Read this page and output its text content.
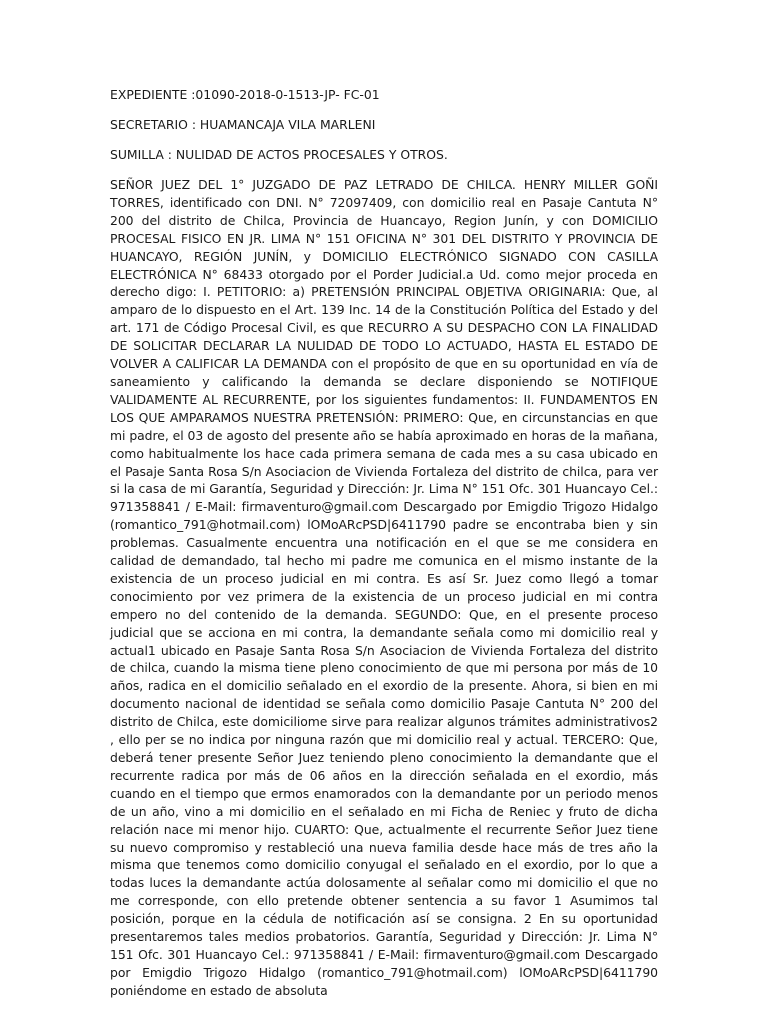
EXPEDIENTE :01090-2018-0-1513-JP- FC-01

SECRETARIO : HUAMANCAJA VILA MARLENI

SUMILLA : NULIDAD DE ACTOS PROCESALES Y OTROS.

SEÑOR JUEZ DEL 1° JUZGADO DE PAZ LETRADO DE CHILCA. HENRY MILLER GOÑI TORRES, identificado con DNI. N° 72097409, con domicilio real en Pasaje Cantuta N° 200 del distrito de Chilca, Provincia de Huancayo, Region Junín, y con DOMICILIO PROCESAL FISICO EN JR. LIMA N° 151 OFICINA N° 301 DEL DISTRITO Y PROVINCIA DE HUANCAYO, REGIÓN JUNÍN, y DOMICILIO ELECTRÓNICO SIGNADO CON CASILLA ELECTRÓNICA N° 68433 otorgado por el Porder Judicial.a Ud. como mejor proceda en derecho digo: I. PETITORIO: a) PRETENSIÓN PRINCIPAL OBJETIVA ORIGINARIA: Que, al amparo de lo dispuesto en el Art. 139 Inc. 14 de la Constitución Política del Estado y del art. 171 de Código Procesal Civil, es que RECURRO A SU DESPACHO CON LA FINALIDAD DE SOLICITAR DECLARAR LA NULIDAD DE TODO LO ACTUADO, HASTA EL ESTADO DE VOLVER A CALIFICAR LA DEMANDA con el propósito de que en su oportunidad en vía de saneamiento y calificando la demanda se declare disponiendo se NOTIFIQUE VALIDAMENTE AL RECURRENTE, por los siguientes fundamentos: II. FUNDAMENTOS EN LOS QUE AMPARAMOS NUESTRA PRETENSIÓN: PRIMERO: Que, en circunstancias en que mi padre, el 03 de agosto del presente año se había aproximado en horas de la mañana, como habitualmente los hace cada primera semana de cada mes a su casa ubicado en el Pasaje Santa Rosa S/n Asociacion de Vivienda Fortaleza del distrito de chilca, para ver si la casa de mi Garantía, Seguridad y Dirección: Jr. Lima N° 151 Ofc. 301 Huancayo Cel.: 971358841 / E-Mail: firmaventuro@gmail.com Descargado por Emigdio Trigozo Hidalgo (romantico_791@hotmail.com) lOMoARcPSD|6411790 padre se encontraba bien y sin problemas. Casualmente encuentra una notificación en el que se me considera en calidad de demandado, tal hecho mi padre me comunica en el mismo instante de la existencia de un proceso judicial en mi contra. Es así Sr. Juez como llegó a tomar conocimiento por vez primera de la existencia de un proceso judicial en mi contra empero no del contenido de la demanda. SEGUNDO: Que, en el presente proceso judicial que se acciona en mi contra, la demandante señala como mi domicilio real y actual1 ubicado en Pasaje Santa Rosa S/n Asociacion de Vivienda Fortaleza del distrito de chilca, cuando la misma tiene pleno conocimiento de que mi persona por más de 10 años, radica en el domicilio señalado en el exordio de la presente. Ahora, si bien en mi documento nacional de identidad se señala como domicilio Pasaje Cantuta N° 200 del distrito de Chilca, este domiciliome sirve para realizar algunos trámites administrativos2 , ello per se no indica por ninguna razón que mi domicilio real y actual. TERCERO: Que, deberá tener presente Señor Juez teniendo pleno conocimiento la demandante que el recurrente radica por más de 06 años en la dirección señalada en el exordio, más cuando en el tiempo que ermos enamorados con la demandante por un periodo menos de un año, vino a mi domicilio en el señalado en mi Ficha de Reniec y fruto de dicha relación nace mi menor hijo. CUARTO: Que, actualmente el recurrente Señor Juez tiene su nuevo compromiso y restableció una nueva familia desde hace más de tres año la misma que tenemos como domicilio conyugal el señalado en el exordio, por lo que a todas luces la demandante actúa dolosamente al señalar como mi domicilio el que no me corresponde, con ello pretende obtener sentencia a su favor 1 Asumimos tal posición, porque en la cédula de notificación así se consigna. 2 En su oportunidad presentaremos tales medios probatorios. Garantía, Seguridad y Dirección: Jr. Lima N° 151 Ofc. 301 Huancayo Cel.: 971358841 / E-Mail: firmaventuro@gmail.com Descargado por Emigdio Trigozo Hidalgo (romantico_791@hotmail.com) lOMoARcPSD|6411790 poniéndome en estado de absoluta
